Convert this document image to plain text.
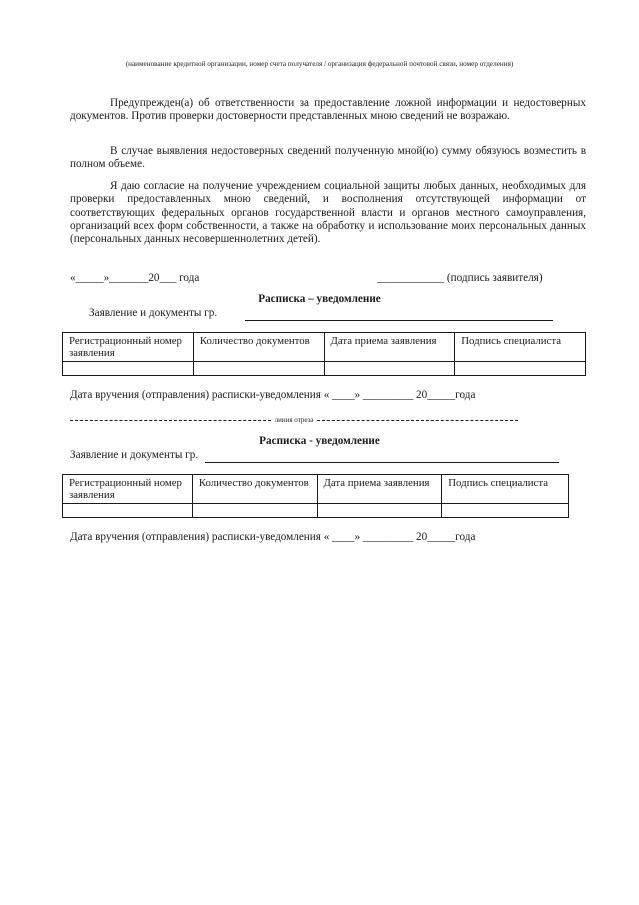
(наименование кредитной организации, номер счета получателя / организация федеральной почтовой связи, номер отделения)
Предупрежден(а) об ответственности за предоставление ложной информации и недостоверных документов. Против проверки достоверности представленных мною сведений не возражаю.
В случае выявления недостоверных сведений полученную мной(ю) сумму обязуюсь возместить в полном объеме.
Я даю согласие на получение учреждением социальной защиты любых данных, необходимых для проверки предоставленных мною сведений, и восполнения отсутствующей информации от соответствующих федеральных органов государственной власти и органов местного самоуправления, организаций всех форм собственности, а также на обработку и использование моих персональных данных (персональных данных несовершеннолетних детей).
«_____»_______20___ года	____________ (подпись заявителя)
Расписка – уведомление
Заявление и документы гр.
Регистрационный номер заявления	Количество документов	Дата приема заявления	Подпись специалиста

Дата вручения (отправления) расписки-уведомления « ____» _________ 20_____года
линия отреза
Расписка - уведомление
Заявление и документы гр.
Регистрационный номер заявления	Количество документов	Дата приема заявления	Подпись специалиста

Дата вручения (отправления) расписки-уведомления « ____» _________ 20_____года
